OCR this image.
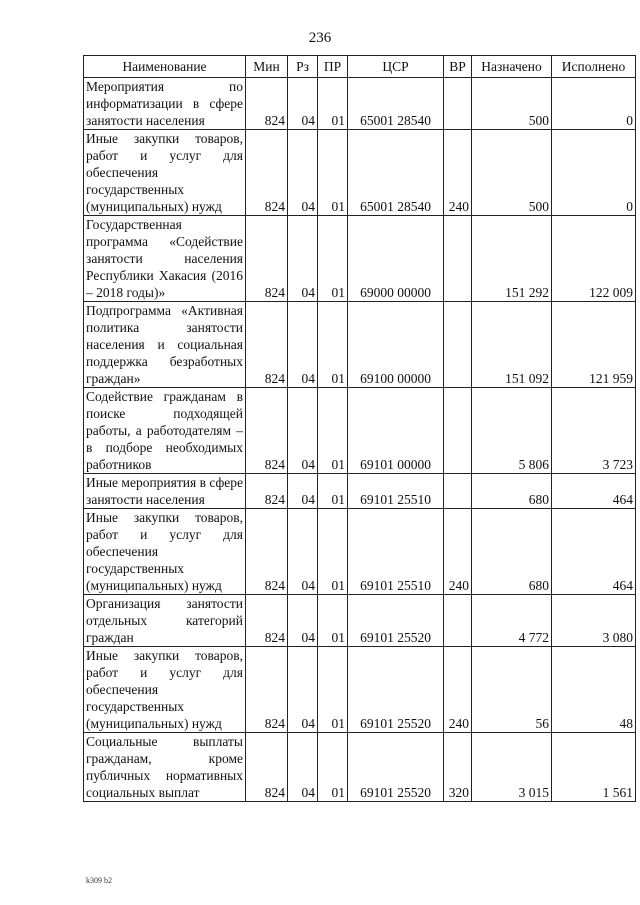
236
Наименование	Мин	Рз	ПР	ЦСР	ВР	Назначено	Исполнено
Мероприятия по информатизации в сфере занятости населения	824	04	01	65001 28540		500	0
Иные закупки товаров, работ и услуг для обеспечения государственных (муниципальных) нужд	824	04	01	65001 28540	240	500	0
Государственная программа «Содействие занятости населения Республики Хакасия (2016 – 2018 годы)»	824	04	01	69000 00000		151 292	122 009
Подпрограмма «Активная политика занятости населения и социальная поддержка безработных граждан»	824	04	01	69100 00000		151 092	121 959
Содействие гражданам в поиске подходящей работы, а работодателям – в подборе необходимых работников	824	04	01	69101 00000		5 806	3 723
Иные мероприятия в сфере занятости населения	824	04	01	69101 25510		680	464
Иные закупки товаров, работ и услуг для обеспечения государственных (муниципальных) нужд	824	04	01	69101 25510	240	680	464
Организация занятости отдельных категорий граждан	824	04	01	69101 25520		4 772	3 080
Иные закупки товаров, работ и услуг для обеспечения государственных (муниципальных) нужд	824	04	01	69101 25520	240	56	48
Социальные выплаты гражданам, кроме публичных нормативных социальных выплат	824	04	01	69101 25520	320	3 015	1 561
k309 b2
